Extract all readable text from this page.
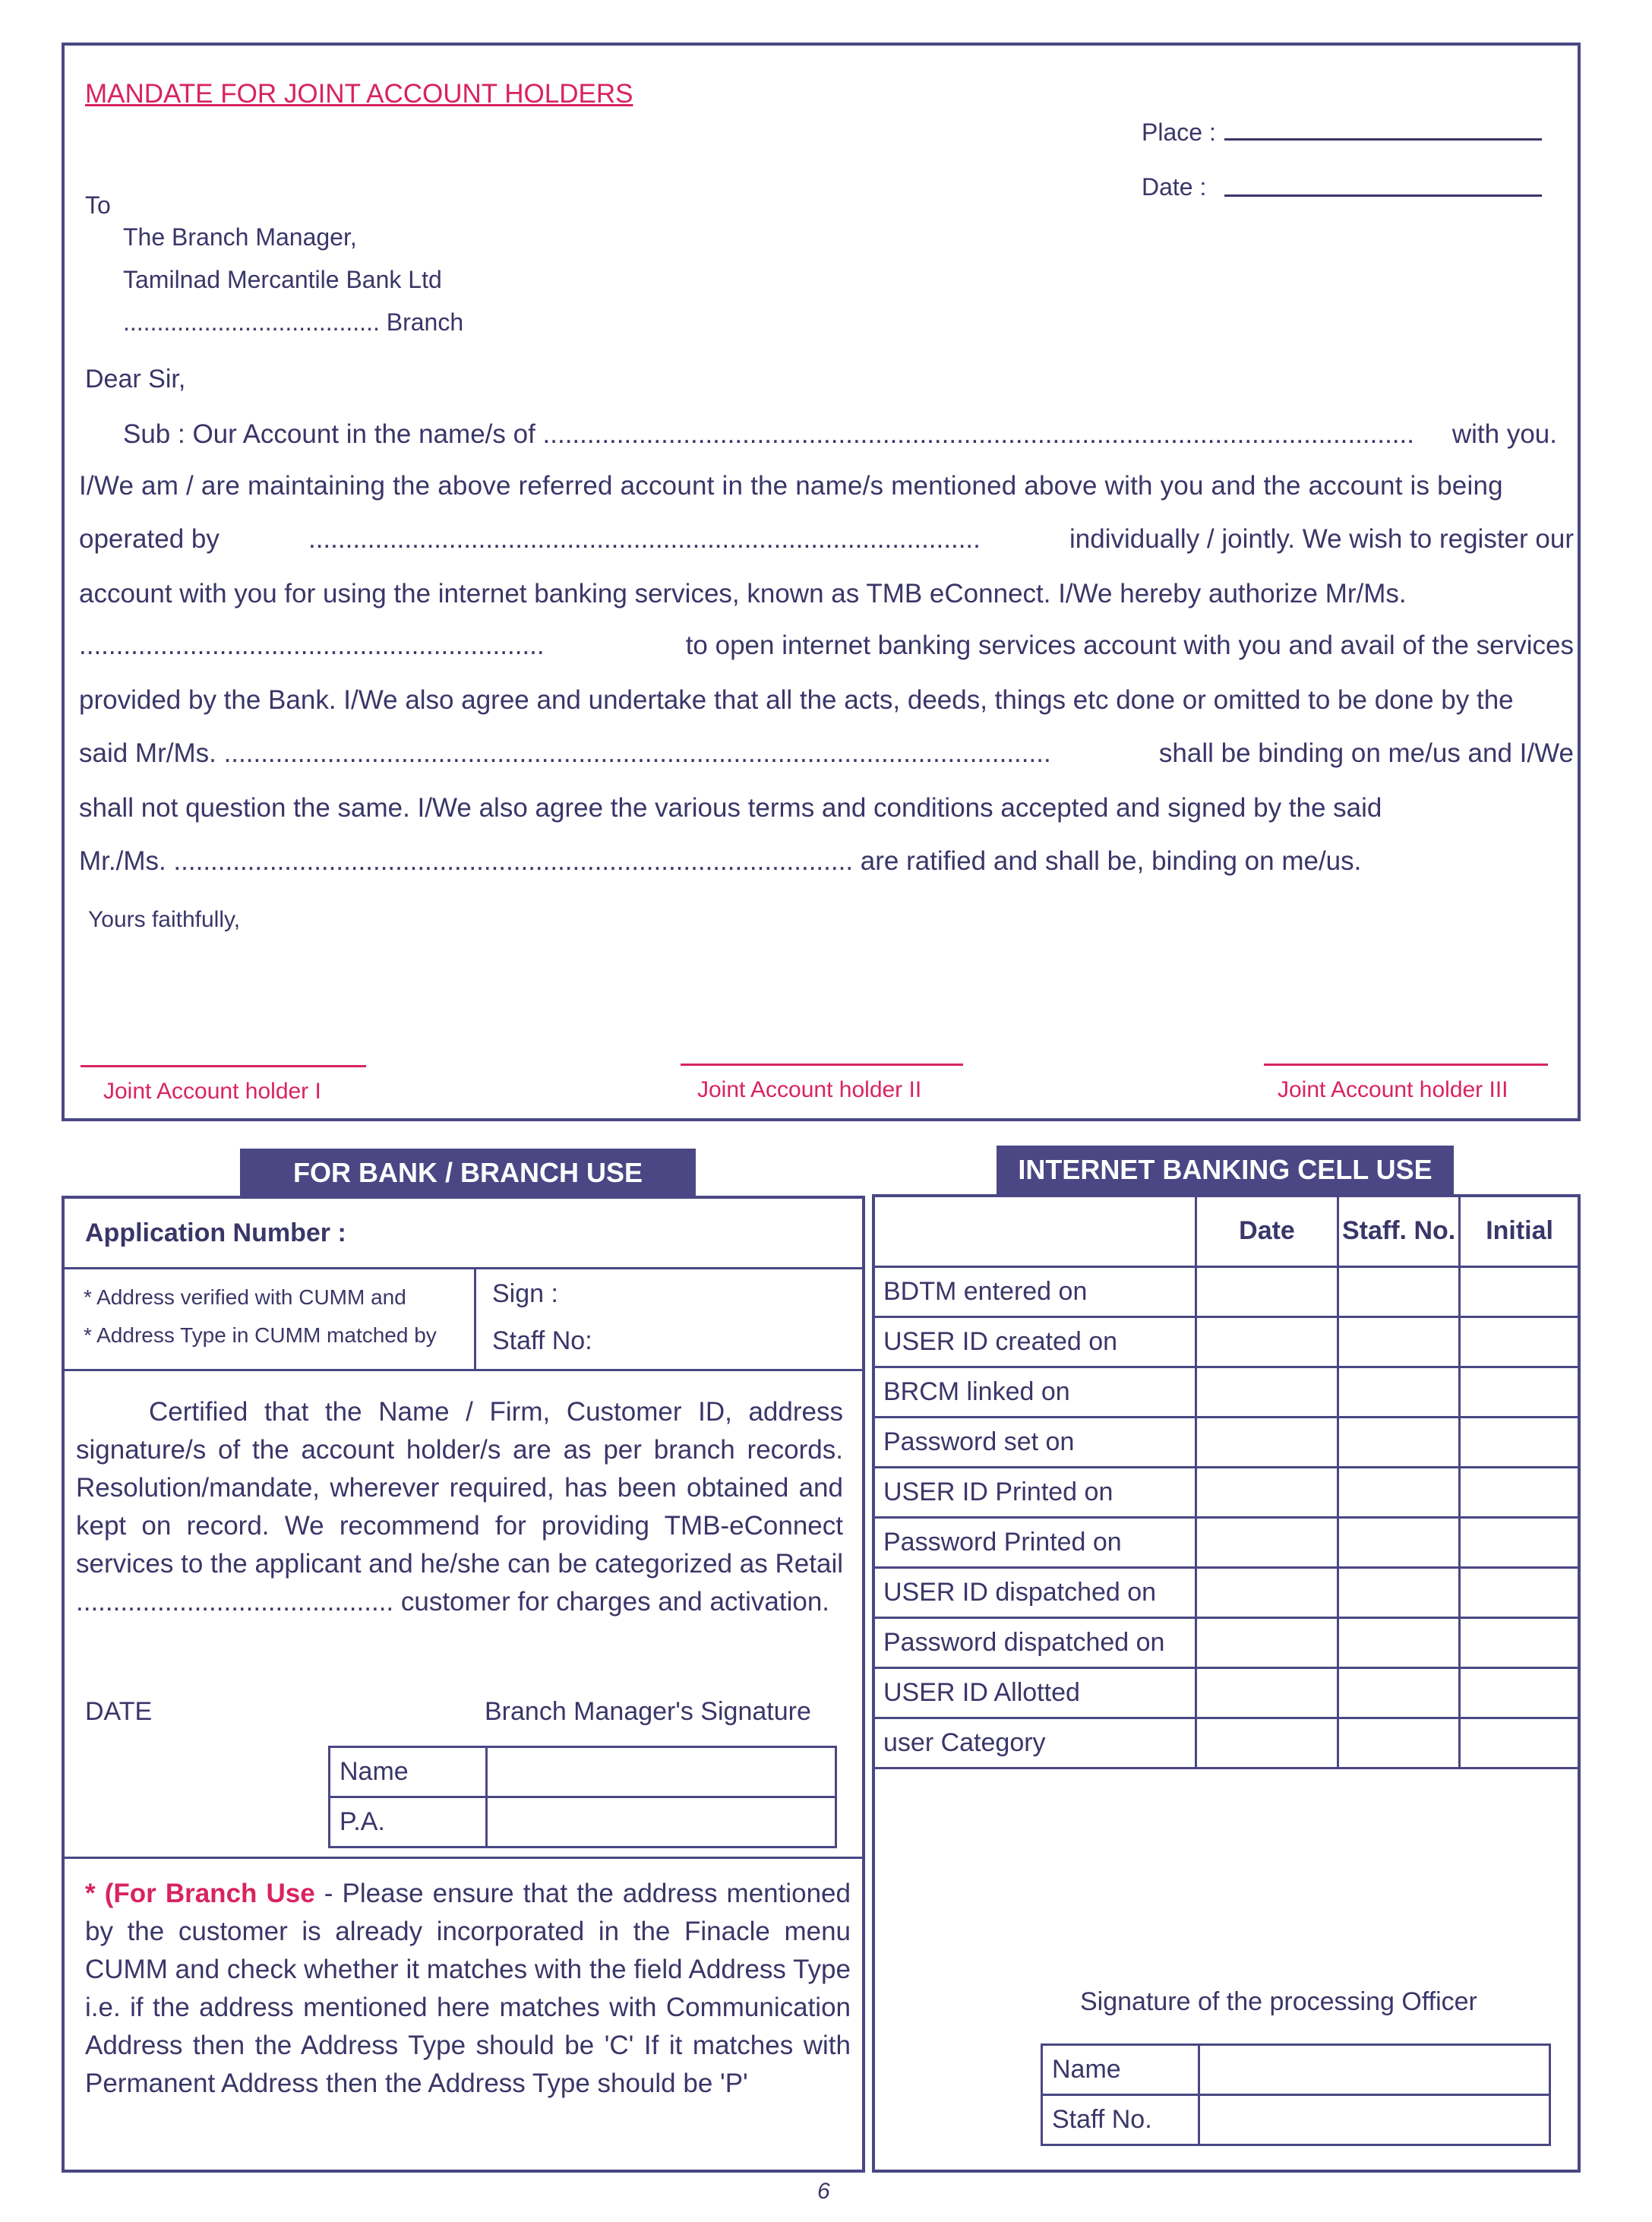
MANDATE FOR JOINT ACCOUNT HOLDERS
Place :
Date :
To
The Branch Manager,
Tamilnad Mercantile Bank Ltd
...................................... Branch
Dear Sir,
Sub : Our Account in the name/s of ...................................................................................................................... with you.
I/We am / are maintaining the above referred account in the name/s mentioned above with you and the account is being
operated by	...........................................................................................	individually / jointly. We wish to register our
account with you for using the internet banking services, known as TMB eConnect. I/We hereby authorize Mr/Ms.
...............................................................	to open internet banking services account with you and avail of the services
provided by the Bank. I/We also agree and undertake that all the acts, deeds, things etc done or omitted to be done by the
said Mr/Ms. ................................................................................................................	shall be binding on me/us and I/We
shall not question the same. I/We also agree the various terms and conditions accepted and signed by the said
Mr./Ms. ............................................................................................ are ratified and shall be, binding on me/us.
Yours faithfully,
Joint Account holder I	Joint Account holder II	Joint Account holder III
FOR BANK / BRANCH USE
Application Number :
* Address verified with CUMM and
* Address Type in CUMM matched by
Sign :
Staff No:
Certified that the Name / Firm, Customer ID, address signature/s of the account holder/s are as per branch records. Resolution/mandate, wherever required, has been obtained and kept on record. We recommend for providing TMB-eConnect services to the applicant and he/she can be categorized as Retail ........................................... customer for charges and activation.
DATE	Branch Manager's Signature
Name	
P.A.	
* (For Branch Use - Please ensure that the address mentioned by the customer is already incorporated in the Finacle menu CUMM and check whether it matches with the field Address Type i.e. if the address mentioned here matches with Communication Address then the Address Type should be 'C' If it matches with Permanent Address then the Address Type should be 'P'
INTERNET BANKING CELL USE
	Date	Staff. No.	Initial
BDTM entered on			
USER ID created on			
BRCM linked on			
Password set on			
USER ID Printed on			
Password Printed on			
USER ID dispatched on			
Password dispatched on			
USER ID Allotted			
user Category			
Signature of the processing Officer
Name	
Staff No.	
6
